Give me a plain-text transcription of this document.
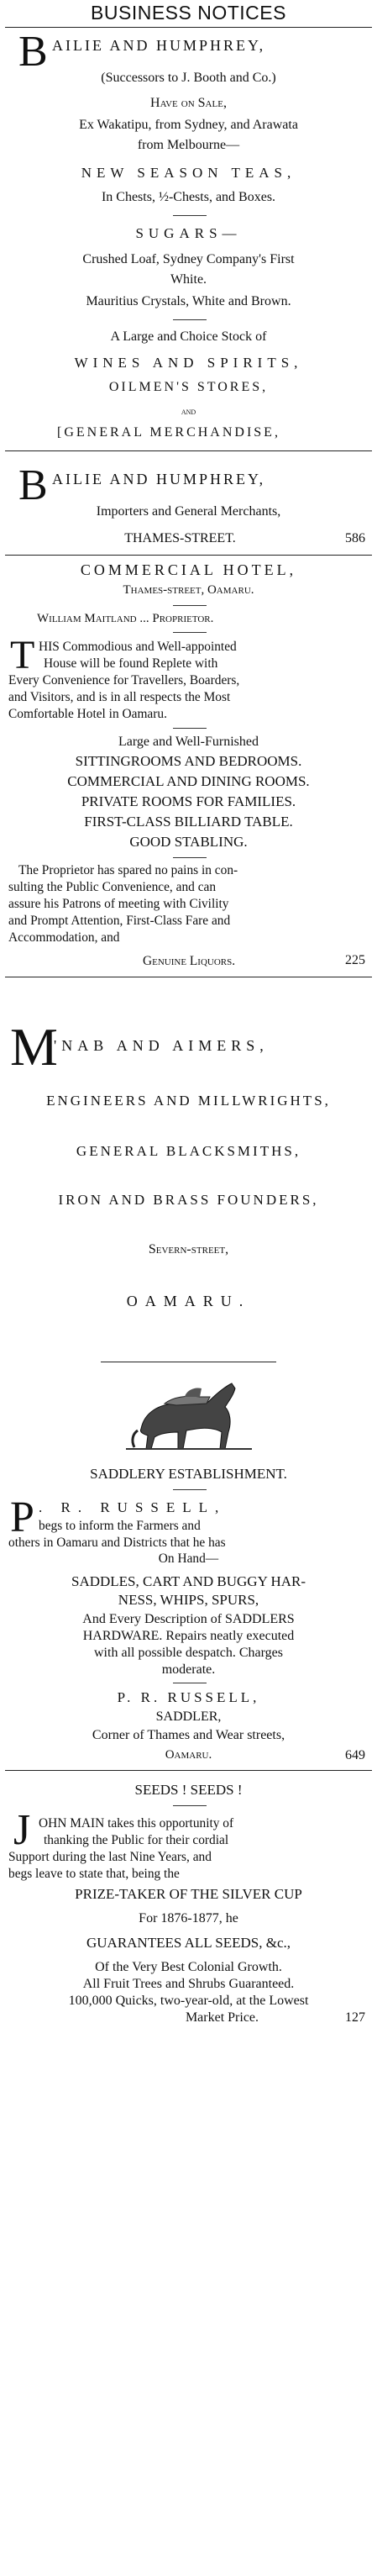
BUSINESS NOTICES
B AILIE AND HUMPHREY,
(Successors to J. Booth and Co.)
Have on Sale,
Ex Wakatipu, from Sydney, and Arawata
from Melbourne—
NEW SEASON TEAS,
In Chests, ½-Chests, and Boxes.
SUGARS—
Crushed Loaf, Sydney Company's First
White.
Mauritius Crystals, White and Brown.
A Large and Choice Stock of
WINES AND SPIRITS,
OILMEN'S STORES,
and
[GENERAL MERCHANDISE,
B AILIE AND HUMPHREY,
Importers and General Merchants,
THAMES-STREET.	586
COMMERCIAL HOTEL,
Thames-street, Oamaru.
William Maitland ... Proprietor.
T HIS Commodious and Well-appointed
House will be found Replete with
Every Convenience for Travellers, Boarders,
and Visitors, and is in all respects the Most
Comfortable Hotel in Oamaru.
Large and Well-Furnished
SITTINGROOMS AND BEDROOMS.
COMMERCIAL AND DINING ROOMS.
PRIVATE ROOMS FOR FAMILIES.
FIRST-CLASS BILLIARD TABLE.
GOOD STABLING.
The Proprietor has spared no pains in con-
sulting the Public Convenience, and can
assure his Patrons of meeting with Civility
and Prompt Attention, First-Class Fare and
Accommodation, and
Genuine Liquors.	225
M
'NAB AND AIMERS,
ENGINEERS AND MILLWRIGHTS,
GENERAL BLACKSMITHS,
IRON AND BRASS FOUNDERS,
Severn-street,
OAMARU.
SADDLERY ESTABLISHMENT.
P . R. RUSSELL,
begs to inform the Farmers and
others in Oamaru and Districts that he has
On Hand—
SADDLES, CART AND BUGGY HAR-
NESS, WHIPS, SPURS,
And Every Description of SADDLERS
HARDWARE. Repairs neatly executed
with all possible despatch. Charges
moderate.
P. R. RUSSELL,
SADDLER,
Corner of Thames and Wear streets,
Oamaru.	649
SEEDS ! SEEDS !
J OHN MAIN takes this opportunity of
thanking the Public for their cordial
Support during the last Nine Years, and
begs leave to state that, being the
PRIZE-TAKER OF THE SILVER CUP
For 1876-1877, he
GUARANTEES ALL SEEDS, &c.,
Of the Very Best Colonial Growth.
All Fruit Trees and Shrubs Guaranteed.
100,000 Quicks, two-year-old, at the Lowest
Market Price.	127
